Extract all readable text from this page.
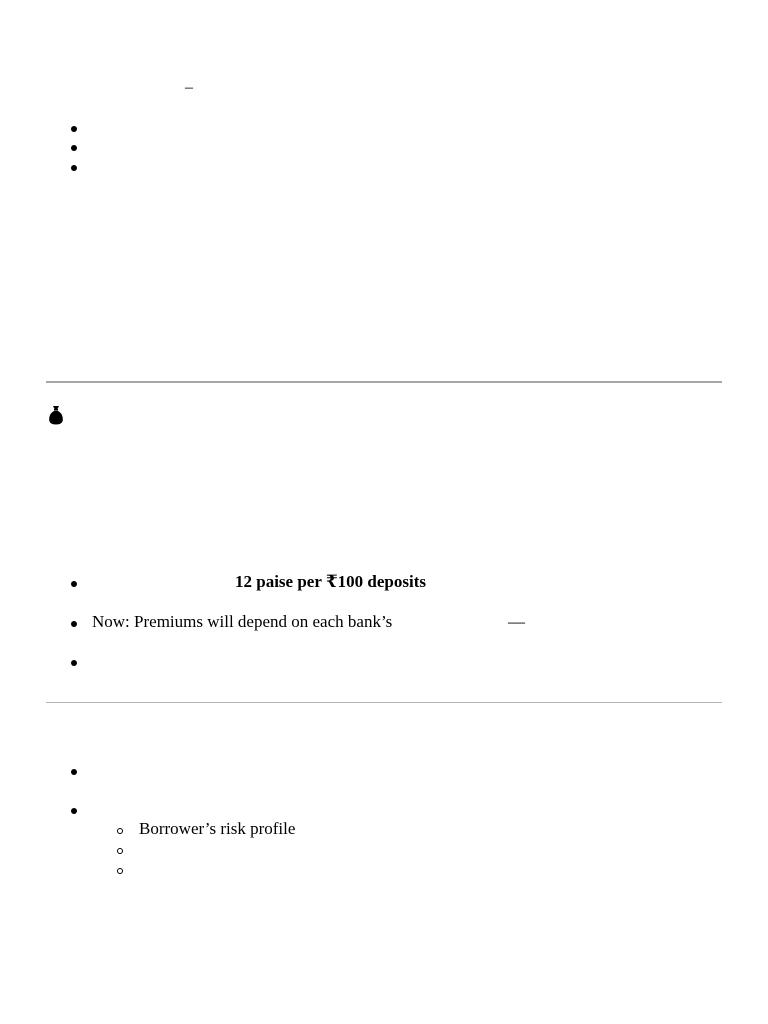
–
12 paise per ₹100 deposits
Now: Premiums will depend on each bank’s	—
Borrower’s risk profile
